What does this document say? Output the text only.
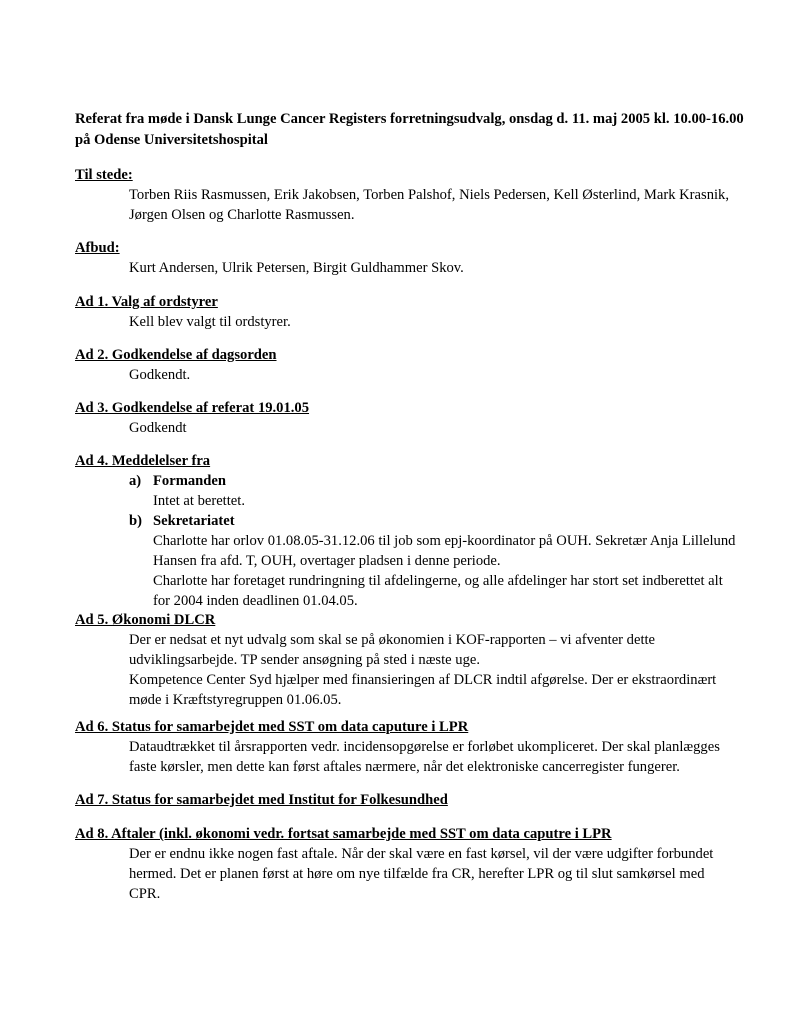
Referat fra møde i Dansk Lunge Cancer Registers forretningsudvalg, onsdag d. 11. maj 2005 kl. 10.00-16.00 på Odense Universitetshospital

Til stede:

Torben Riis Rasmussen, Erik Jakobsen, Torben Palshof, Niels Pedersen, Kell Østerlind, Mark Krasnik, Jørgen Olsen og Charlotte Rasmussen.

Afbud:

Kurt Andersen, Ulrik Petersen, Birgit Guldhammer Skov.

Ad 1. Valg af ordstyrer

Kell blev valgt til ordstyrer.

Ad 2. Godkendelse af dagsorden

Godkendt.

Ad 3. Godkendelse af referat 19.01.05

Godkendt

Ad 4. Meddelelser fra
a) Formanden

Intet at berettet.

b) Sekretariatet

Charlotte har orlov 01.08.05-31.12.06 til job som epj-koordinator på OUH. Sekretær Anja Lillelund Hansen fra afd. T, OUH, overtager pladsen i denne periode.
Charlotte har foretaget rundringning til afdelingerne, og alle afdelinger har stort set indberettet alt for 2004 inden deadlinen 01.04.05.

Ad 5. Økonomi DLCR

Der er nedsat et nyt udvalg som skal se på økonomien i KOF-rapporten – vi afventer dette udviklingsarbejde. TP sender ansøgning på sted i næste uge.
Kompetence Center Syd hjælper med finansieringen af DLCR indtil afgørelse. Der er ekstraordinært møde i Kræftstyregruppen 01.06.05.

Ad 6. Status for samarbejdet med SST om data caputure i LPR

Dataudtrækket til årsrapporten vedr. incidensopgørelse er forløbet ukompliceret. Der skal planlægges faste kørsler, men dette kan først aftales nærmere, når det elektroniske cancerregister fungerer.

Ad 7. Status for samarbejdet med Institut for Folkesundhed
Ad 8. Aftaler (inkl. økonomi vedr. fortsat samarbejde med SST om data caputre i LPR

Der er endnu ikke nogen fast aftale. Når der skal være en fast kørsel, vil der være udgifter forbundet hermed. Det er planen først at høre om nye tilfælde fra CR, herefter LPR og til slut samkørsel med CPR.
